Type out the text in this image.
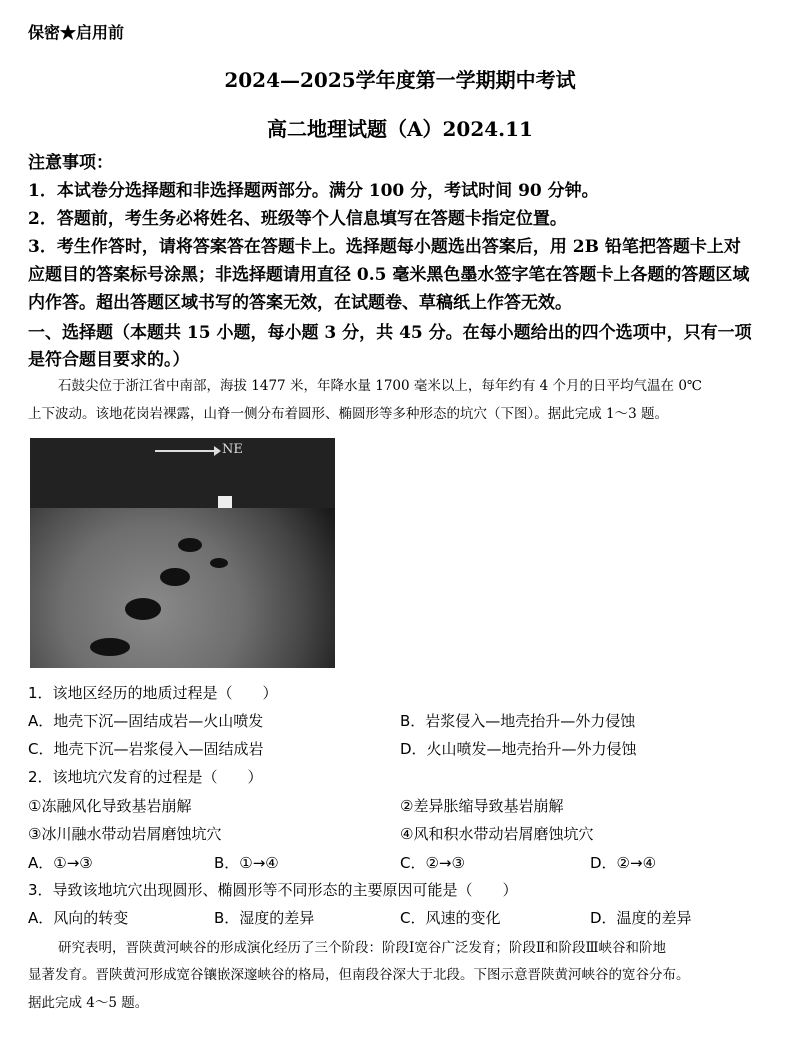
保密★启用前
2024—2025学年度第一学期期中考试
高二地理试题（A）2024.11
注意事项：
1．本试卷分选择题和非选择题两部分。满分 100 分，考试时间 90 分钟。
2．答题前，考生务必将姓名、班级等个人信息填写在答题卡指定位置。
3．考生作答时，请将答案答在答题卡上。选择题每小题选出答案后，用 2B 铅笔把答题卡上对
应题目的答案标号涂黑；非选择题请用直径 0.5 毫米黑色墨水签字笔在答题卡上各题的答题区域
内作答。超出答题区域书写的答案无效，在试题卷、草稿纸上作答无效。
一、选择题（本题共 15 小题，每小题 3 分，共 45 分。在每小题给出的四个选项中，只有一项
是符合题目要求的。）
石鼓尖位于浙江省中南部，海拔 1477 米，年降水量 1700 毫米以上，每年约有 4 个月的日平均气温在 0℃
上下波动。该地花岗岩裸露，山脊一侧分布着圆形、椭圆形等多种形态的坑穴（下图）。据此完成 1～3 题。
NE
1．该地区经历的地质过程是（　　）
A．地壳下沉—固结成岩—火山喷发	B．岩浆侵入—地壳抬升—外力侵蚀
C．地壳下沉—岩浆侵入—固结成岩	D．火山喷发—地壳抬升—外力侵蚀
2．该地坑穴发育的过程是（　　）
①冻融风化导致基岩崩解	②差异胀缩导致基岩崩解
③冰川融水带动岩屑磨蚀坑穴	④风和积水带动岩屑磨蚀坑穴
A．①→③	B．①→④	C．②→③	D．②→④
3．导致该地坑穴出现圆形、椭圆形等不同形态的主要原因可能是（　　）
A．风向的转变	B．湿度的差异	C．风速的变化	D．温度的差异
研究表明，晋陕黄河峡谷的形成演化经历了三个阶段：阶段Ⅰ宽谷广泛发育；阶段Ⅱ和阶段Ⅲ峡谷和阶地
显著发育。晋陕黄河形成宽谷镶嵌深邃峡谷的格局，但南段谷深大于北段。下图示意晋陕黄河峡谷的宽谷分布。
据此完成 4～5 题。
